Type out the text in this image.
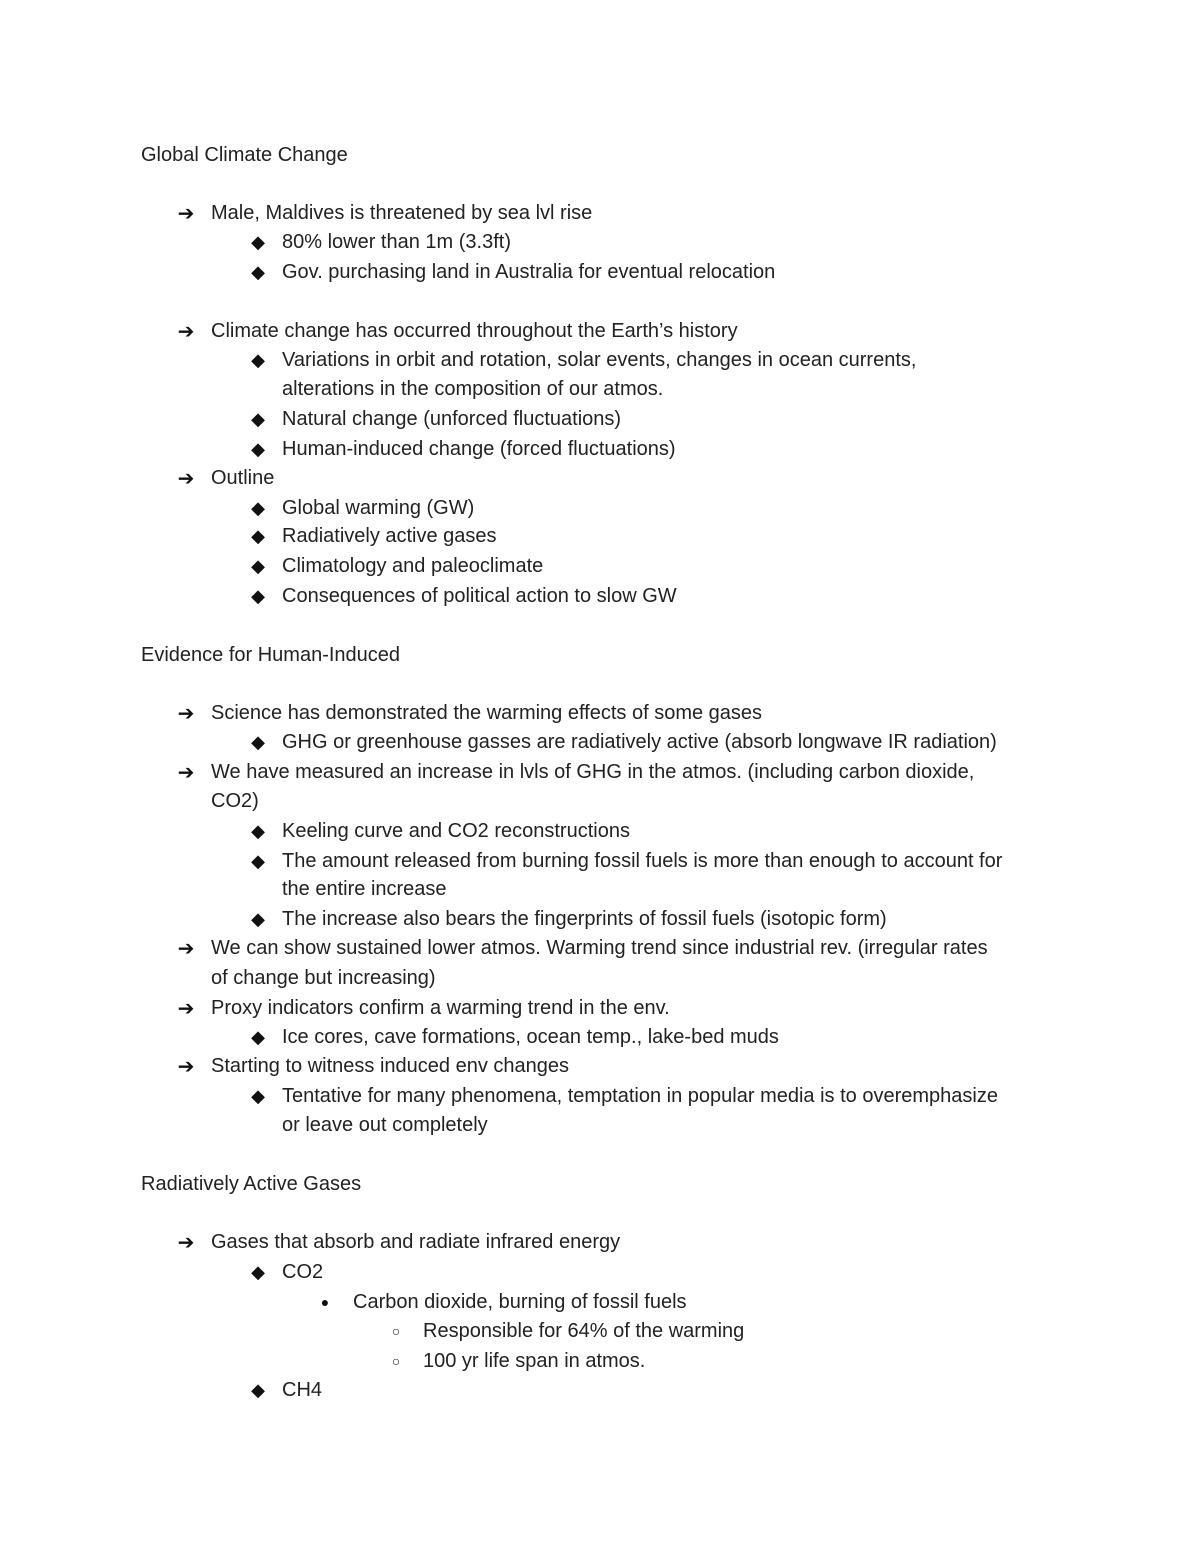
Global Climate Change
➔ Male, Maldives is threatened by sea lvl rise
◆ 80% lower than 1m (3.3ft)
◆ Gov. purchasing land in Australia for eventual relocation
➔ Climate change has occurred throughout the Earth’s history
◆ Variations in orbit and rotation, solar events, changes in ocean currents,
alterations in the composition of our atmos.
◆ Natural change (unforced fluctuations)
◆ Human-induced change (forced fluctuations)
➔ Outline
◆ Global warming (GW)
◆ Radiatively active gases
◆ Climatology and paleoclimate
◆ Consequences of political action to slow GW
Evidence for Human-Induced
➔ Science has demonstrated the warming effects of some gases
◆ GHG or greenhouse gasses are radiatively active (absorb longwave IR radiation)
➔ We have measured an increase in lvls of GHG in the atmos. (including carbon dioxide,
CO2)
◆ Keeling curve and CO2 reconstructions
◆ The amount released from burning fossil fuels is more than enough to account for
the entire increase
◆ The increase also bears the fingerprints of fossil fuels (isotopic form)
➔ We can show sustained lower atmos. Warming trend since industrial rev. (irregular rates
of change but increasing)
➔ Proxy indicators confirm a warming trend in the env.
◆ Ice cores, cave formations, ocean temp., lake-bed muds
➔ Starting to witness induced env changes
◆ Tentative for many phenomena, temptation in popular media is to overemphasize
or leave out completely
Radiatively Active Gases
➔ Gases that absorb and radiate infrared energy
◆ CO2
●	Carbon dioxide, burning of fossil fuels
○	Responsible for 64% of the warming
○	100 yr life span in atmos.
◆ CH4
